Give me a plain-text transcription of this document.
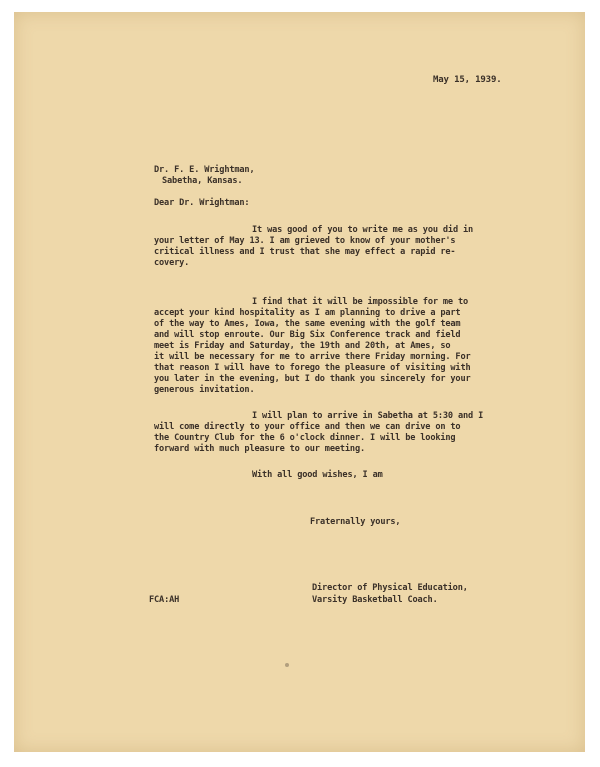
May 15, 1939.
Dr. F. E. Wrightman,
Sabetha, Kansas.
Dear Dr. Wrightman:
It was good of you to write me as you did in
your letter of May 13. I am grieved to know of your mother's
critical illness and I trust that she may effect a rapid re-
covery.
I find that it will be impossible for me to
accept your kind hospitality as I am planning to drive a part
of the way to Ames, Iowa, the same evening with the golf team
and will stop enroute. Our Big Six Conference track and field
meet is Friday and Saturday, the 19th and 20th, at Ames, so
it will be necessary for me to arrive there Friday morning. For
that reason I will have to forego the pleasure of visiting with
you later in the evening, but I do thank you sincerely for your
generous invitation.
I will plan to arrive in Sabetha at 5:30 and I
will come directly to your office and then we can drive on to
the Country Club for the 6 o'clock dinner. I will be looking
forward with much pleasure to our meeting.
With all good wishes, I am
Fraternally yours,
FCA:AH
Director of Physical Education,
Varsity Basketball Coach.
